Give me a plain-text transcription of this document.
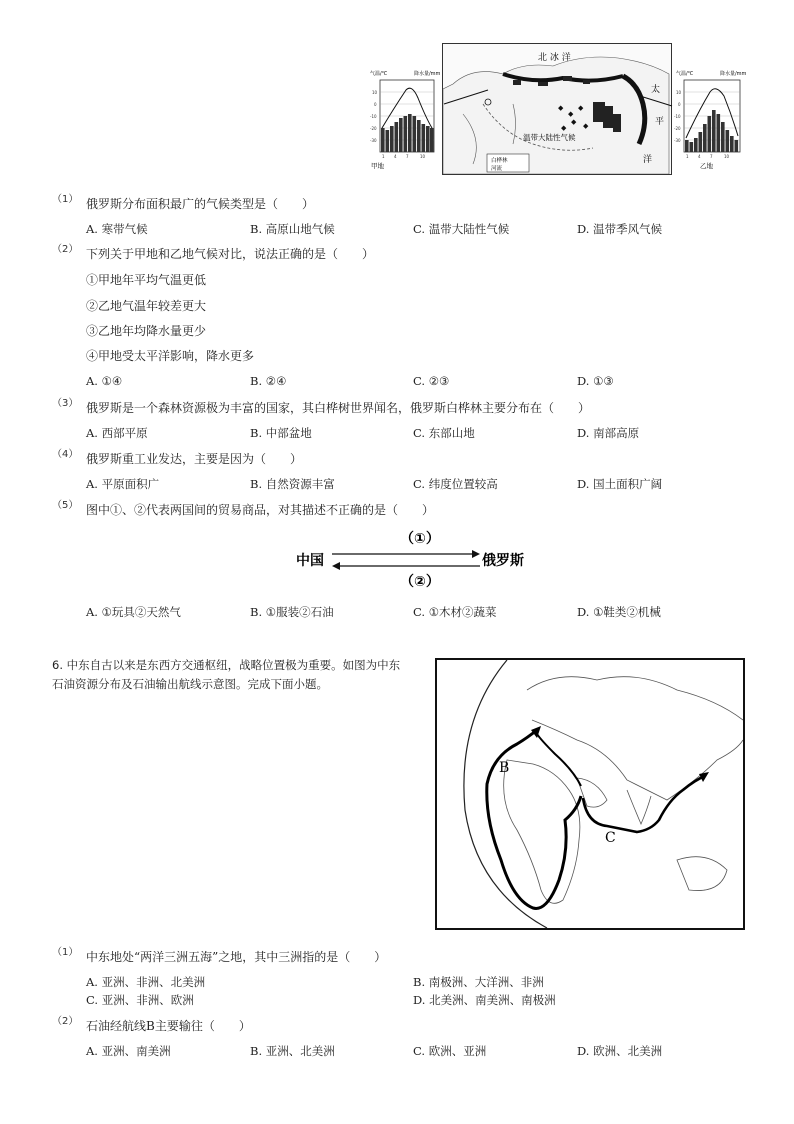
气温/℃	降水量/mm
10
0
-10
-20
-30
1 4 7	10
甲地
◆
◆
◆
◆ ◆
◆
北 冰 洋
温带大陆性气候
太
平
洋
白桦林
河流
气温/℃	降水量/mm
10
0
-10
-20
-30
1 4 7	10
乙地
（1） 俄罗斯分布面积最广的气候类型是（　　）
A. 寒带气候	B. 高原山地气候	C. 温带大陆性气候	D. 温带季风气候
（2） 下列关于甲地和乙地气候对比，说法正确的是（　　）
①甲地年平均气温更低
②乙地气温年较差更大
③乙地年均降水量更少
④甲地受太平洋影响，降水更多
A. ①④	B. ②④	C. ②③	D. ①③
（3） 俄罗斯是一个森林资源极为丰富的国家，其白桦树世界闻名，俄罗斯白桦林主要分布在（　　）
A. 西部平原	B. 中部盆地	C. 东部山地	D. 南部高原
（4） 俄罗斯重工业发达，主要是因为（　　）
A. 平原面积广	B. 自然资源丰富	C. 纬度位置较高	D. 国土面积广阔
（5） 图中①、②代表两国间的贸易商品，对其描述不正确的是（　　）
（①）
中国	俄罗斯
（②）
A. ①玩具②天然气	B. ①服装②石油	C. ①木材②蔬菜	D. ①鞋类②机械
6. 中东自古以来是东西方交通枢纽，战略位置极为重要。如图为中东
石油资源分布及石油输出航线示意图。完成下面小题。
B
C
（1） 中东地处“两洋三洲五海”之地，其中三洲指的是（　　）
A. 亚洲、非洲、北美洲	B. 南极洲、大洋洲、非洲
C. 亚洲、非洲、欧洲	D. 北美洲、南美洲、南极洲
（2） 石油经航线B主要输往（　　）
A. 亚洲、南美洲	B. 亚洲、北美洲	C. 欧洲、亚洲	D. 欧洲、北美洲
